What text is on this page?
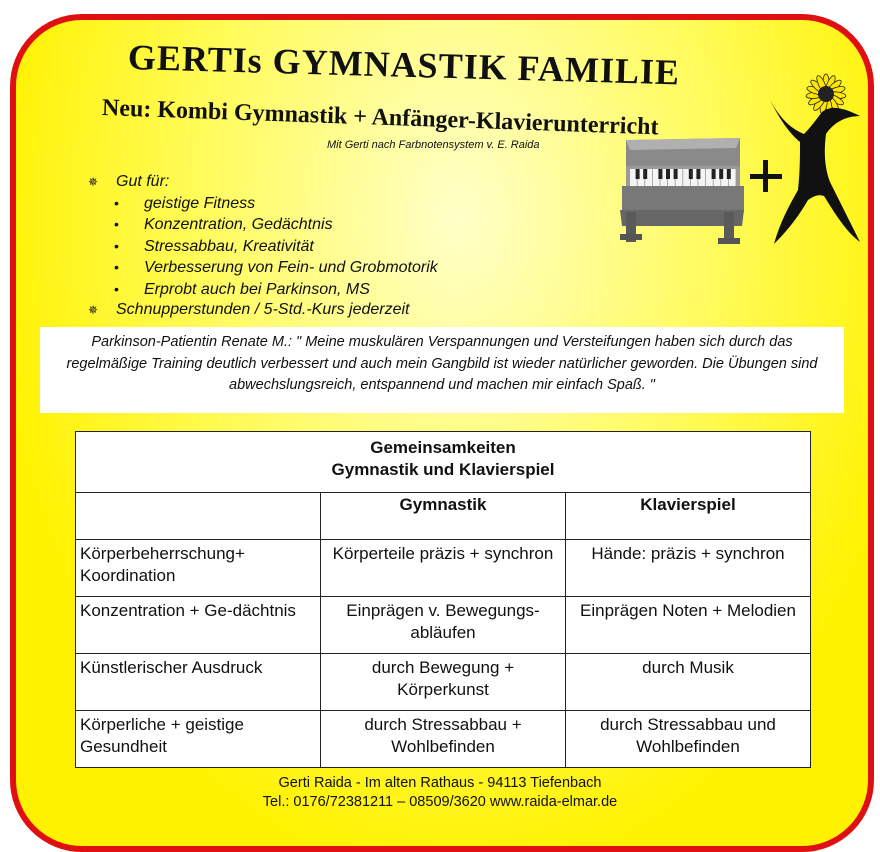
GERTIs GYMNASTIK FAMILIE
Neu: Kombi Gymnastik + Anfänger-Klavierunterricht
Mit Gerti nach Farbnotensystem v. E. Raida
✵	Gut für:
•	geistige Fitness
•	Konzentration, Gedächtnis
•	Stressabbau, Kreativität
•	Verbesserung von Fein- und Grobmotorik
•	Erprobt auch bei Parkinson, MS
✵	Schnupperstunden / 5-Std.-Kurs jederzeit
Parkinson-Patientin Renate M.: " Meine muskulären Verspannungen und Versteifungen haben sich durch das regelmäßige Training deutlich verbessert und auch mein Gangbild ist wieder natürlicher geworden. Die Übungen sind abwechslungsreich, entspannend und machen mir einfach Spaß. "
Gemeinsamkeiten
Gymnastik und Klavierspiel		

	Gymnastik	Klavierspiel
Körperbeherrschung+ Koordination	Körperteile präzis + synchron	Hände: präzis + synchron
Konzentration + Ge-dächtnis	Einprägen v. Bewegungs-abläufen	Einprägen Noten + Melodien
Künstlerischer Ausdruck	durch Bewegung + Körperkunst	durch Musik
Körperliche + geistige Gesundheit	durch Stressabbau + Wohlbefinden	durch Stressabbau und Wohlbefinden
Gerti Raida - Im alten Rathaus - 94113 Tiefenbach
Tel.: 0176/72381211 – 08509/3620 www.raida-elmar.de
